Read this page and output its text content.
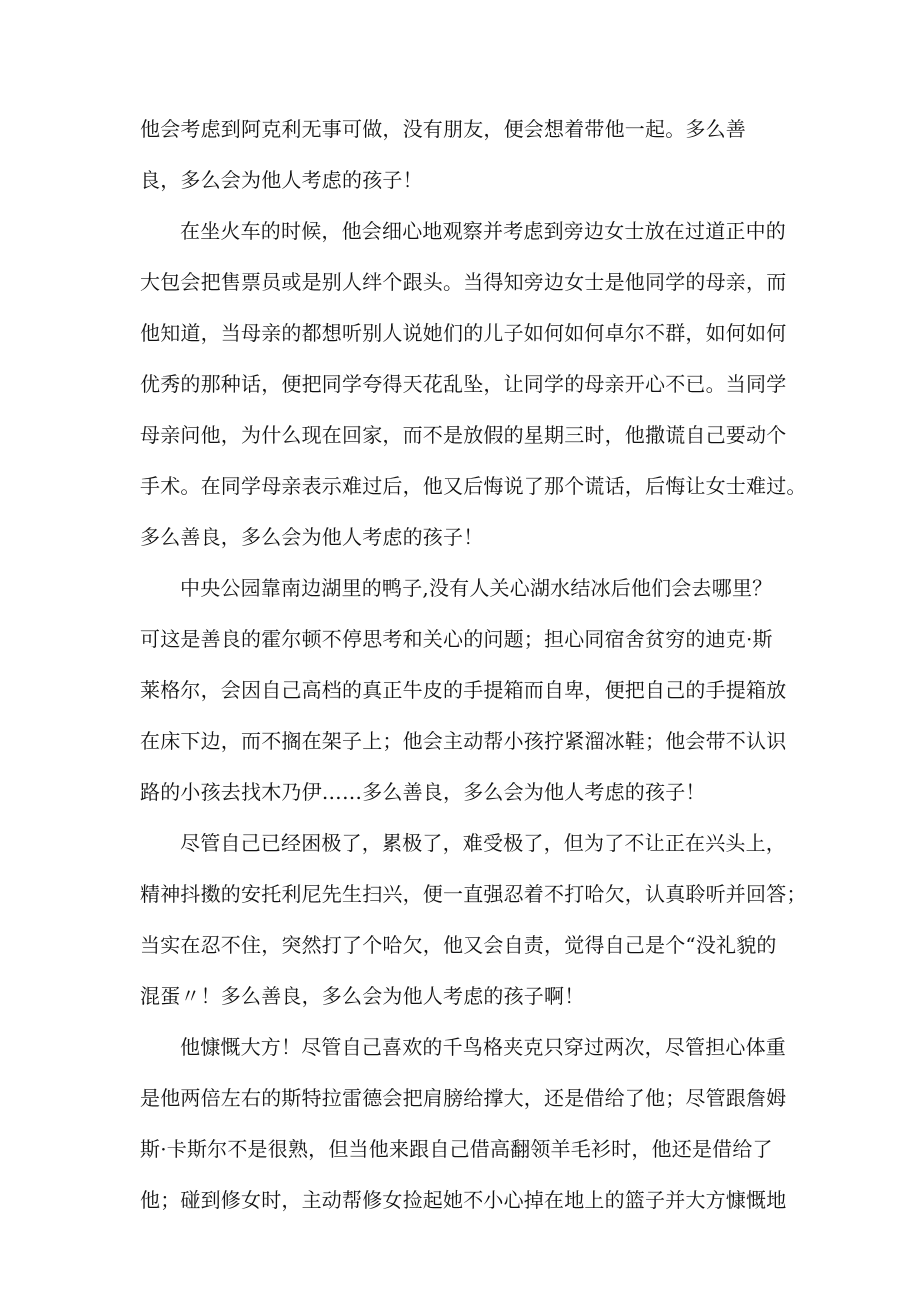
他会考虑到阿克利无事可做，没有朋友，便会想着带他一起。多么善
良，多么会为他人考虑的孩子！
在坐火车的时候，他会细心地观察并考虑到旁边女士放在过道正中的
大包会把售票员或是别人绊个跟头。当得知旁边女士是他同学的母亲，而
他知道，当母亲的都想听别人说她们的儿子如何如何卓尔不群，如何如何
优秀的那种话，便把同学夸得天花乱坠，让同学的母亲开心不已。当同学
母亲问他，为什么现在回家，而不是放假的星期三时，他撒谎自己要动个
手术。在同学母亲表示难过后，他又后悔说了那个谎话，后悔让女士难过。
多么善良，多么会为他人考虑的孩子！
中央公园靠南边湖里的鸭子,没有人关心湖水结冰后他们会去哪里？
可这是善良的霍尔顿不停思考和关心的问题；担心同宿舍贫穷的迪克·斯
莱格尔，会因自己高档的真正牛皮的手提箱而自卑，便把自己的手提箱放
在床下边，而不搁在架子上；他会主动帮小孩拧紧溜冰鞋；他会带不认识
路的小孩去找木乃伊……多么善良，多么会为他人考虑的孩子！
尽管自己已经困极了，累极了，难受极了，但为了不让正在兴头上，
精神抖擞的安托利尼先生扫兴，便一直强忍着不打哈欠，认真聆听并回答；
当实在忍不住，突然打了个哈欠，他又会自责，觉得自己是个“没礼貌的
混蛋〃！多么善良，多么会为他人考虑的孩子啊！
他慷慨大方！尽管自己喜欢的千鸟格夹克只穿过两次，尽管担心体重
是他两倍左右的斯特拉雷德会把肩膀给撑大，还是借给了他；尽管跟詹姆
斯·卡斯尔不是很熟，但当他来跟自己借高翻领羊毛衫时，他还是借给了
他；碰到修女时，主动帮修女捡起她不小心掉在地上的篮子并大方慷慨地
